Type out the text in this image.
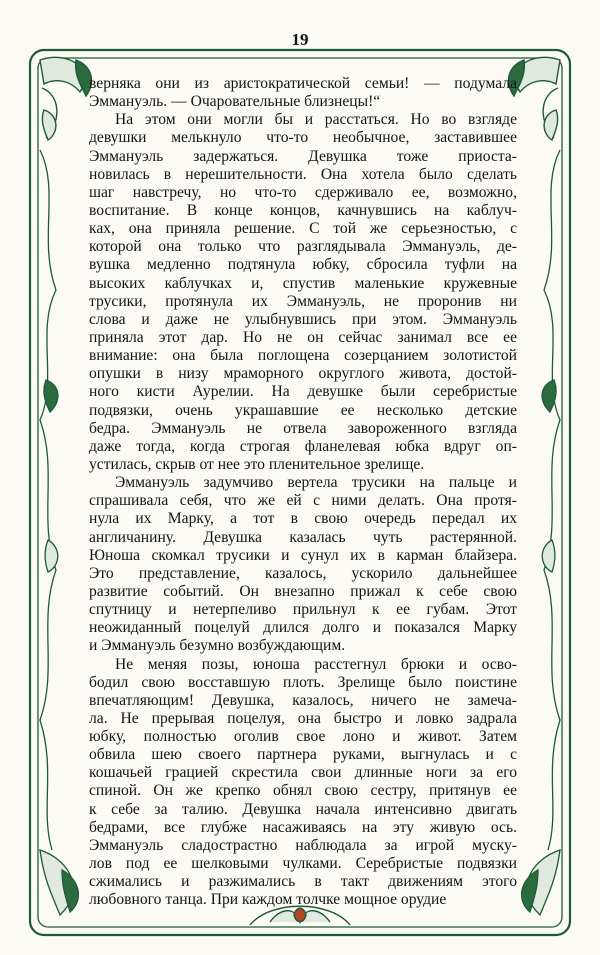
19
верняка они из аристократической семьи! — подумала
Эммануэль. — Очаровательные близнецы!“
На этом они могли бы и расстаться. Но во взгляде
девушки мелькнуло что-то необычное, заставившее
Эммануэль задержаться. Девушка тоже приоста-
новилась в нерешительности. Она хотела было сделать
шаг навстречу, но что-то сдерживало ее, возможно,
воспитание. В конце концов, качнувшись на каблуч-
ках, она приняла решение. С той же серьезностью, с
которой она только что разглядывала Эммануэль, де-
вушка медленно подтянула юбку, сбросила туфли на
высоких каблучках и, спустив маленькие кружевные
трусики, протянула их Эммануэль, не проронив ни
слова и даже не улыбнувшись при этом. Эммануэль
приняла этот дар. Но не он сейчас занимал все ее
внимание: она была поглощена созерцанием золотистой
опушки в низу мраморного округлого живота, достой-
ного кисти Аурелии. На девушке были серебристые
подвязки, очень украшавшие ее несколько детские
бедра. Эммануэль не отвела завороженного взгляда
даже тогда, когда строгая фланелевая юбка вдруг оп-
устилась, скрыв от нее это пленительное зрелище.
Эммануэль задумчиво вертела трусики на пальце и
спрашивала себя, что же ей с ними делать. Она протя-
нула их Марку, а тот в свою очередь передал их
англичанину. Девушка казалась чуть растерянной.
Юноша скомкал трусики и сунул их в карман блайзера.
Это представление, казалось, ускорило дальнейшее
развитие событий. Он внезапно прижал к себе свою
спутницу и нетерпеливо прильнул к ее губам. Этот
неожиданный поцелуй длился долго и показался Марку
и Эммануэль безумно возбуждающим.
Не меняя позы, юноша расстегнул брюки и осво-
бодил свою восставшую плоть. Зрелище было поистине
впечатляющим! Девушка, казалось, ничего не замеча-
ла. Не прерывая поцелуя, она быстро и ловко задрала
юбку, полностью оголив свое лоно и живот. Затем
обвила шею своего партнера руками, выгнулась и с
кошачьей грацией скрестила свои длинные ноги за его
спиной. Он же крепко обнял свою сестру, притянув ее
к себе за талию. Девушка начала интенсивно двигать
бедрами, все глубже насаживаясь на эту живую ось.
Эммануэль сладострастно наблюдала за игрой муску-
лов под ее шелковыми чулками. Серебристые подвязки
сжимались и разжимались в такт движениям этого
любовного танца. При каждом толчке мощное орудие
